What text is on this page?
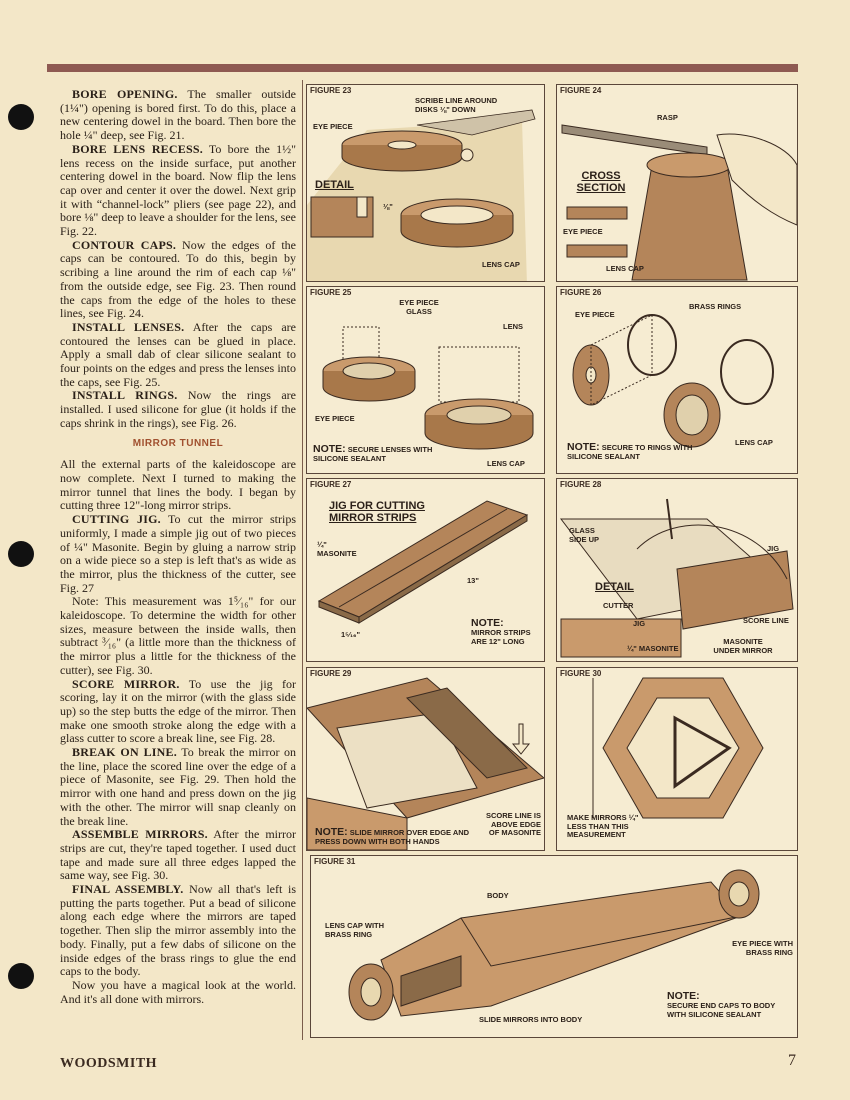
BORE OPENING. The smaller outside (1¼") opening is bored first. To do this, place a new centering dowel in the board. Then bore the hole ¼" deep, see Fig. 21.

BORE LENS RECESS. To bore the 1½" lens recess on the inside surface, put another centering dowel in the board. Now flip the lens cap over and center it over the dowel. Next grip it with “channel-lock” pliers (see page 22), and bore ⅛" deep to leave a shoulder for the lens, see Fig. 22.

CONTOUR CAPS. Now the edges of the caps can be contoured. To do this, begin by scribing a line around the rim of each cap ⅛" from the outside edge, see Fig. 23. Then round the caps from the edge of the holes to these lines, see Fig. 24.

INSTALL LENSES. After the caps are contoured the lenses can be glued in place. Apply a small dab of clear silicone sealant to four points on the edges and press the lenses into the caps, see Fig. 25.

INSTALL RINGS. Now the rings are installed. I used silicone for glue (it holds if the caps shrink in the rings), see Fig. 26.

MIRROR TUNNEL

All the external parts of the kaleidoscope are now complete. Next I turned to making the mirror tunnel that lines the body. I began by cutting three 12"-long mirror strips.

CUTTING JIG. To cut the mirror strips uniformly, I made a simple jig out of two pieces of ¼" Masonite. Begin by gluing a narrow strip on a wide piece so a step is left that's as wide as the mirror, plus the thickness of the cutter, see Fig. 27

Note: This measurement was 1⁵⁄₁₆" for our kaleidoscope. To determine the width for other sizes, measure between the inside walls, then subtract ³⁄₁₆" (a little more than the thickness of the mirror plus a little for the thickness of the cutter), see Fig. 30.

SCORE MIRROR. To use the jig for scoring, lay it on the mirror (with the glass side up) so the step butts the edge of the mirror. Then make one smooth stroke along the edge with a glass cutter to score a break line, see Fig. 28.

BREAK ON LINE. To break the mirror on the line, place the scored line over the edge of a piece of Masonite, see Fig. 29. Then hold the mirror with one hand and press down on the jig with the other. The mirror will snap cleanly on the break line.

ASSEMBLE MIRRORS. After the mirror strips are cut, they're taped together. I used duct tape and made sure all three edges lapped the same way, see Fig. 30.

FINAL ASSEMBLY. Now all that's left is putting the parts together. Put a bead of silicone along each edge where the mirrors are taped together. Then slip the mirror assembly into the body. Finally, put a few dabs of silicone on the inside edges of the brass rings to glue the end caps to the body.

Now you have a magical look at the world. And it's all done with mirrors.

FIGURE 23
SCRIBE LINE AROUND DISKS ⅛" DOWN
EYE PIECE
DETAIL
⅛"
LENS CAP
FIGURE 24
RASP
CROSS SECTION
EYE PIECE
LENS CAP
FIGURE 25
EYE PIECE GLASS
LENS
EYE PIECE
NOTE: SECURE LENSES WITH SILICONE SEALANT
LENS CAP
FIGURE 26
BRASS RINGS
EYE PIECE
LENS CAP
NOTE: SECURE TO RINGS WITH SILICONE SEALANT
FIGURE 27
JIG FOR CUTTING MIRROR STRIPS
¼" MASONITE
13"
1⁵⁄₁₆"
NOTE:
MIRROR STRIPS ARE 12" LONG
FIGURE 28
GLASS SIDE UP
JIG
DETAIL
CUTTER
JIG
¼" MASONITE
SCORE LINE
MASONITE UNDER MIRROR
FIGURE 29
SCORE LINE IS ABOVE EDGE OF MASONITE
NOTE: SLIDE MIRROR OVER EDGE AND PRESS DOWN WITH BOTH HANDS
FIGURE 30
MAKE MIRRORS ¼" LESS THAN THIS MEASUREMENT
FIGURE 31
BODY
LENS CAP WITH BRASS RING
EYE PIECE WITH BRASS RING
SLIDE MIRRORS INTO BODY
NOTE:
SECURE END CAPS TO BODY WITH SILICONE SEALANT
WOODSMITH	7
